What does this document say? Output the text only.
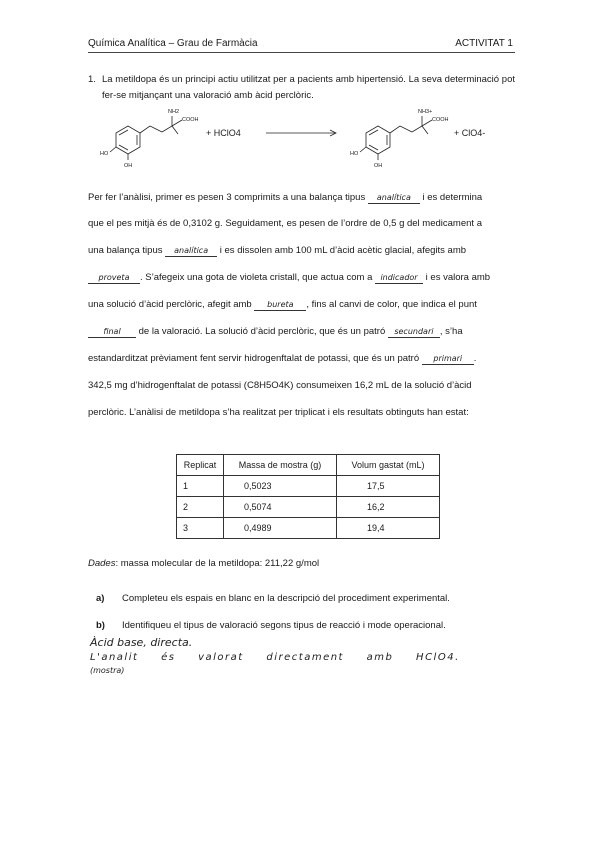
Química Analítica – Grau de Farmàcia	ACTIVITAT 1
1. La metildopa és un principi actiu utilitzat per a pacients amb hipertensió. La seva determinació pot fer-se mitjançant una valoració amb àcid perclòric.
NH2
COOH
HO
OH
+ HClO4
NH3+
COOH
HO
OH
+ ClO4-
Per fer l’anàlisi, primer es pesen 3 comprimits a una balança tipus analítica i es determina
que el pes mitjà és de 0,3102 g. Seguidament, es pesen de l’ordre de 0,5 g del medicament a
una balança tipus analítica i es dissolen amb 100 mL d’àcid acètic glacial, afegits amb
proveta . S’afegeix una gota de violeta cristall, que actua com a indicador i es valora amb
una solució d’àcid perclòric, afegit amb bureta , fins al canvi de color, que indica el punt
final de la valoració. La solució d’àcid perclòric, que és un patró secundari , s’ha
estandarditzat prèviament fent servir hidrogenftalat de potassi, que és un patró primari .
342,5 mg d’hidrogenftalat de potassi (C8H5O4K) consumeixen 16,2 mL de la solució d’àcid
perclòric. L’anàlisi de metildopa s’ha realitzat per triplicat i els resultats obtinguts han estat:
Replicat	Massa de mostra (g)	Volum gastat (mL)
1	0,5023	17,5
2	0,5074	16,2
3	0,4989	19,4
Dades: massa molecular de la metildopa: 211,22 g/mol
a) Completeu els espais en blanc en la descripció del procediment experimental.
b) Identifiqueu el tipus de valoració segons tipus de reacció i mode operacional.
Àcid base, directa.
L'analit és valorat directament amb HClO4.
(mostra)
